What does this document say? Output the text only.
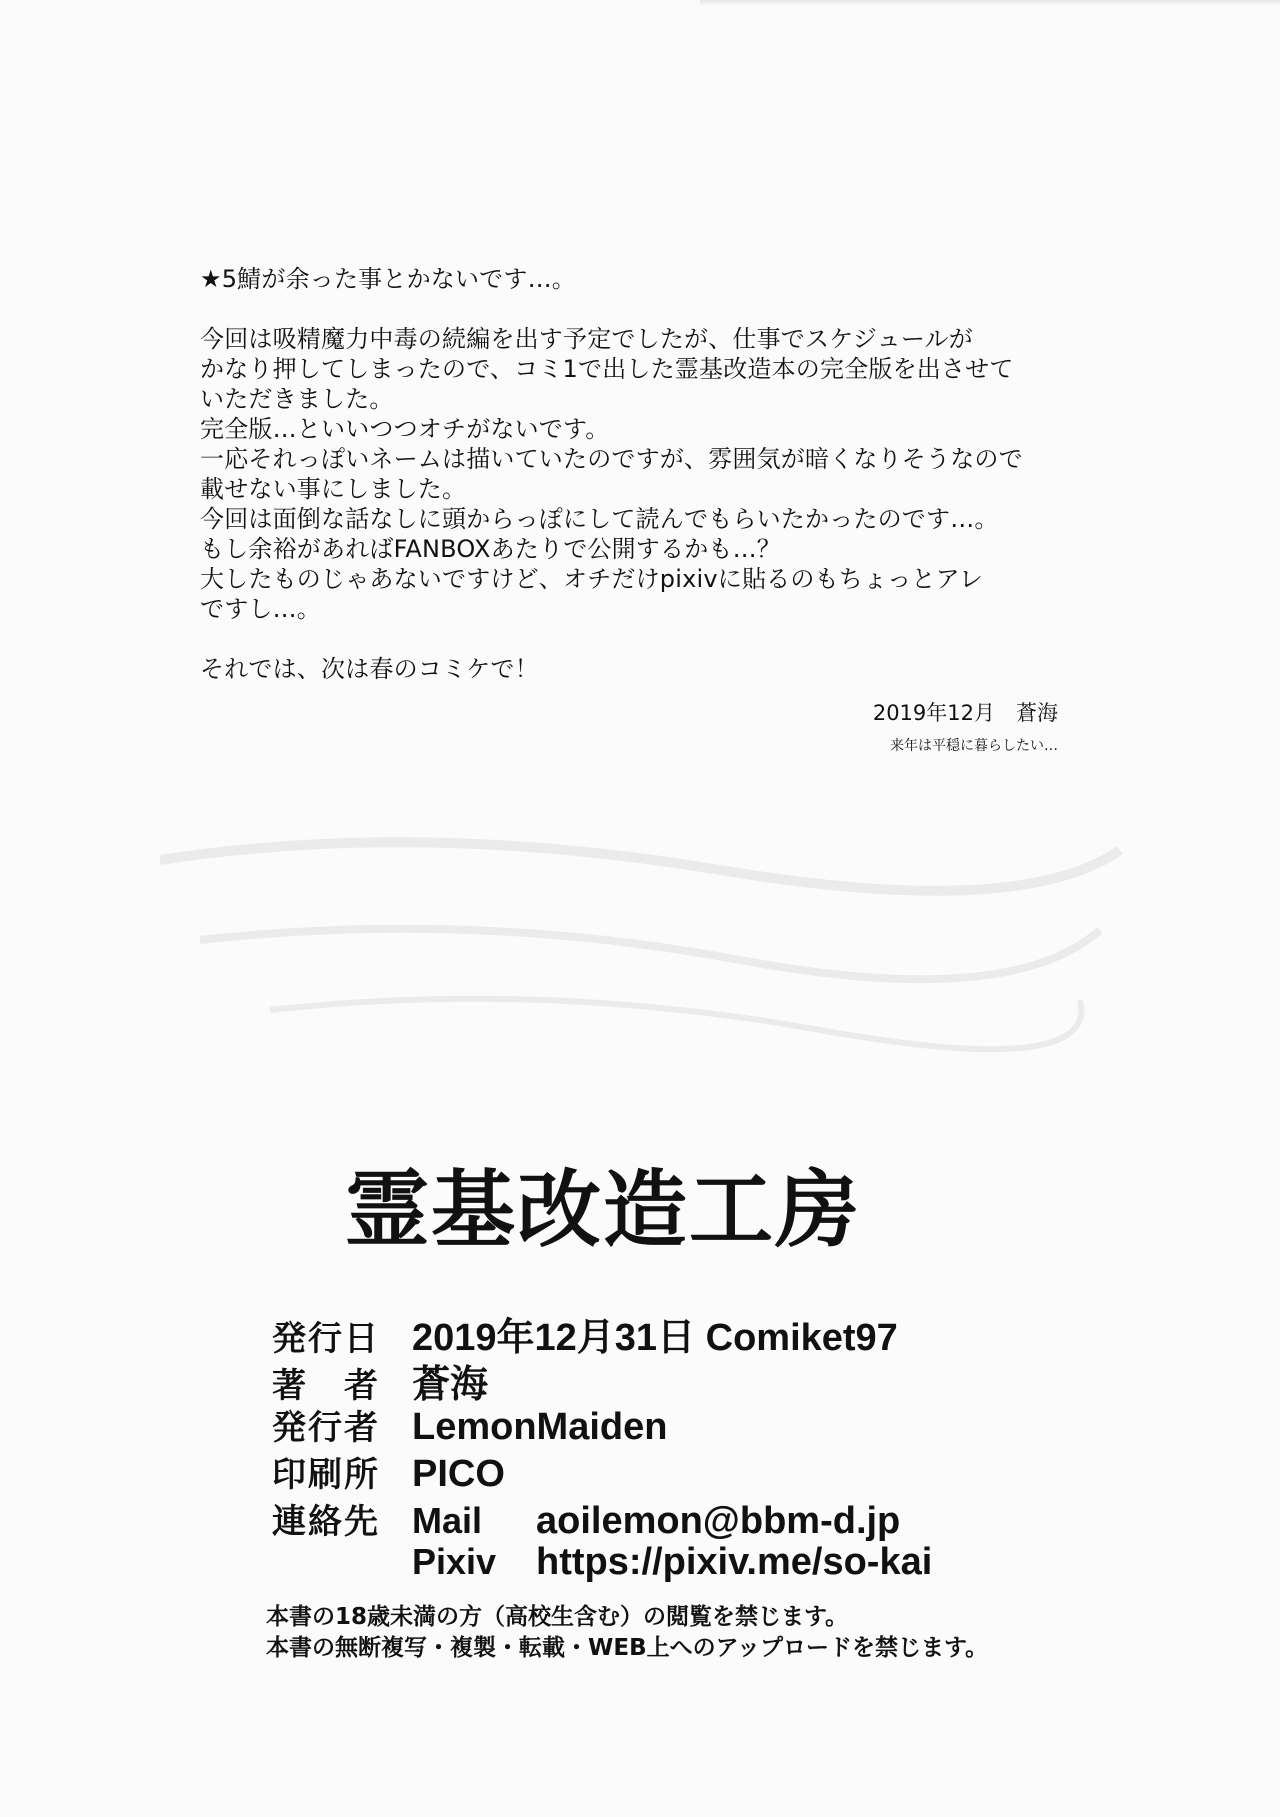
★5鯖が余った事とかないです…。
今回は吸精魔力中毒の続編を出す予定でしたが、仕事でスケジュールが
かなり押してしまったので、コミ1で出した霊基改造本の完全版を出させて
いただきました。
完全版…といいつつオチがないです。
一応それっぽいネームは描いていたのですが、雰囲気が暗くなりそうなので
載せない事にしました。
今回は面倒な話なしに頭からっぽにして読んでもらいたかったのです…。
もし余裕があればFANBOXあたりで公開するかも…？
大したものじゃあないですけど、オチだけpixivに貼るのもちょっとアレ
ですし…。
それでは、次は春のコミケで！
2019年12月　蒼海
来年は平穏に暮らしたい…
霊基改造工房
発行日 2019年12月31日 Comiket97
著　者 蒼海
発行者 LemonMaiden
印刷所 PICO
連絡先 Mail aoilemon@bbm-d.jp
Pixiv https://pixiv.me/so-kai
本書の18歳未満の方（高校生含む）の閲覧を禁じます。
本書の無断複写・複製・転載・WEB上へのアップロードを禁じます。
